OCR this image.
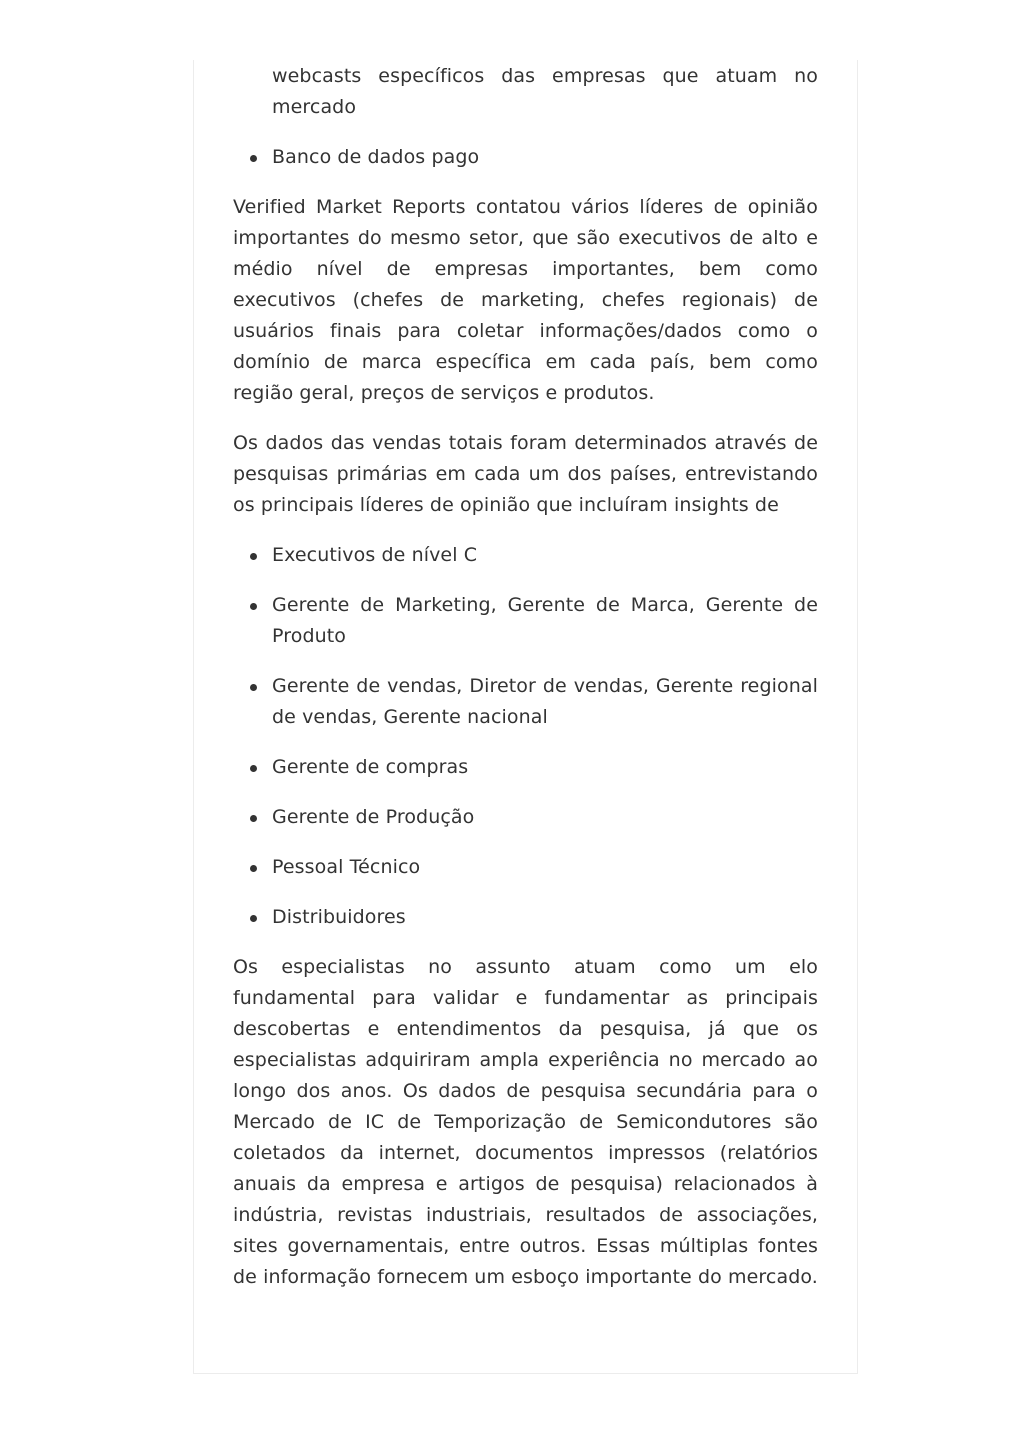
webcasts específicos das empresas que atuam no mercado
Banco de dados pago

Verified Market Reports contatou vários líderes de opinião importantes do mesmo setor, que são executivos de alto e médio nível de empresas importantes, bem como executivos (chefes de marketing, chefes regionais) de usuários finais para coletar informações/dados como o domínio de marca específica em cada país, bem como região geral, preços de serviços e produtos.

Os dados das vendas totais foram determinados através de pesquisas primárias em cada um dos países, entrevistando os principais líderes de opinião que incluíram insights de

Executivos de nível C
Gerente de Marketing, Gerente de Marca, Gerente de Produto
Gerente de vendas, Diretor de vendas, Gerente regional de vendas, Gerente nacional
Gerente de compras
Gerente de Produção
Pessoal Técnico
Distribuidores

Os especialistas no assunto atuam como um elo fundamental para validar e fundamentar as principais descobertas e entendimentos da pesquisa, já que os especialistas adquiriram ampla experiência no mercado ao longo dos anos. Os dados de pesquisa secundária para o Mercado de IC de Temporização de Semicondutores são coletados da internet, documentos impressos (relatórios anuais da empresa e artigos de pesquisa) relacionados à indústria, revistas industriais, resultados de associações, sites governamentais, entre outros. Essas múltiplas fontes de informação fornecem um esboço importante do mercado.
